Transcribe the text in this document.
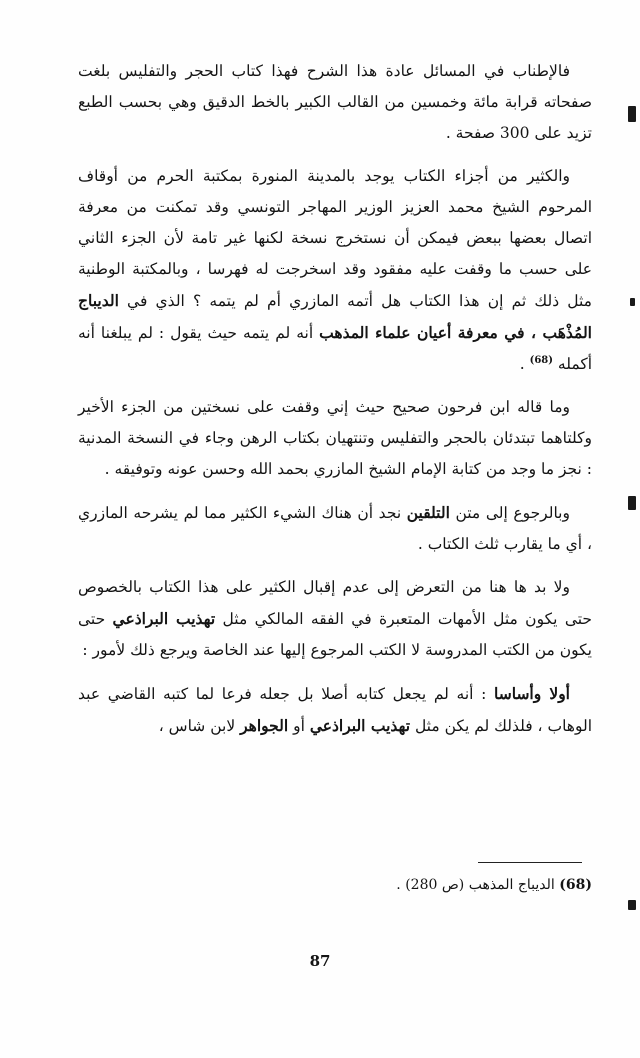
فالإطناب في المسائل عادة هذا الشرح فهذا كتاب الحجر والتفليس بلغت صفحاته قرابة مائة وخمسين من القالب الكبير بالخط الدقيق وهي بحسب الطبع تزيد على 300 صفحة .

والكثير من أجزاء الكتاب يوجد بالمدينة المنورة بمكتبة الحرم من أوقاف المرحوم الشيخ محمد العزيز الوزير المهاجر التونسي وقد تمكنت من معرفة اتصال بعضها ببعض فيمكن أن نستخرج نسخة لكنها غير تامة لأن الجزء الثاني على حسب ما وقفت عليه مفقود وقد اسخرجت له فهرسا ، وبالمكتبة الوطنية مثل ذلك ثم إن هذا الكتاب هل أتمه المازري أم لم يتمه ؟ الذي في الديباج المُذْهَب ، في معرفة أعيان علماء المذهب أنه لم يتمه حيث يقول : لم يبلغنا أنه أكمله $^{(68)}$ .

وما قاله ابن فرحون صحيح حيث إني وقفت على نسختين من الجزء الأخير وكلتاهما تبتدئان بالحجر والتفليس وتنتهيان بكتاب الرهن وجاء في النسخة المدنية : نجز ما وجد من كتابة الإمام الشيخ المازري بحمد الله وحسن عونه وتوفيقه .

وبالرجوع إلى متن التلقين نجد أن هناك الشيء الكثير مما لم يشرحه المازري ، أي ما يقارب ثلث الكتاب .

ولا بد ها هنا من التعرض إلى عدم إقبال الكثير على هذا الكتاب بالخصوص حتى يكون مثل الأمهات المتعبرة في الفقه المالكي مثل تهذيب البراذعي حتى يكون من الكتب المدروسة لا الكتب المرجوع إليها عند الخاصة ويرجع ذلك لأمور :

أولا وأساسا : أنه لم يجعل كتابه أصلا بل جعله فرعا لما كتبه القاضي عبد الوهاب ، فلذلك لم يكن مثل تهذيب البراذعي أو الجواهر لابن شاس ،

(68) الديباج المذهب (ص 280) .
87
